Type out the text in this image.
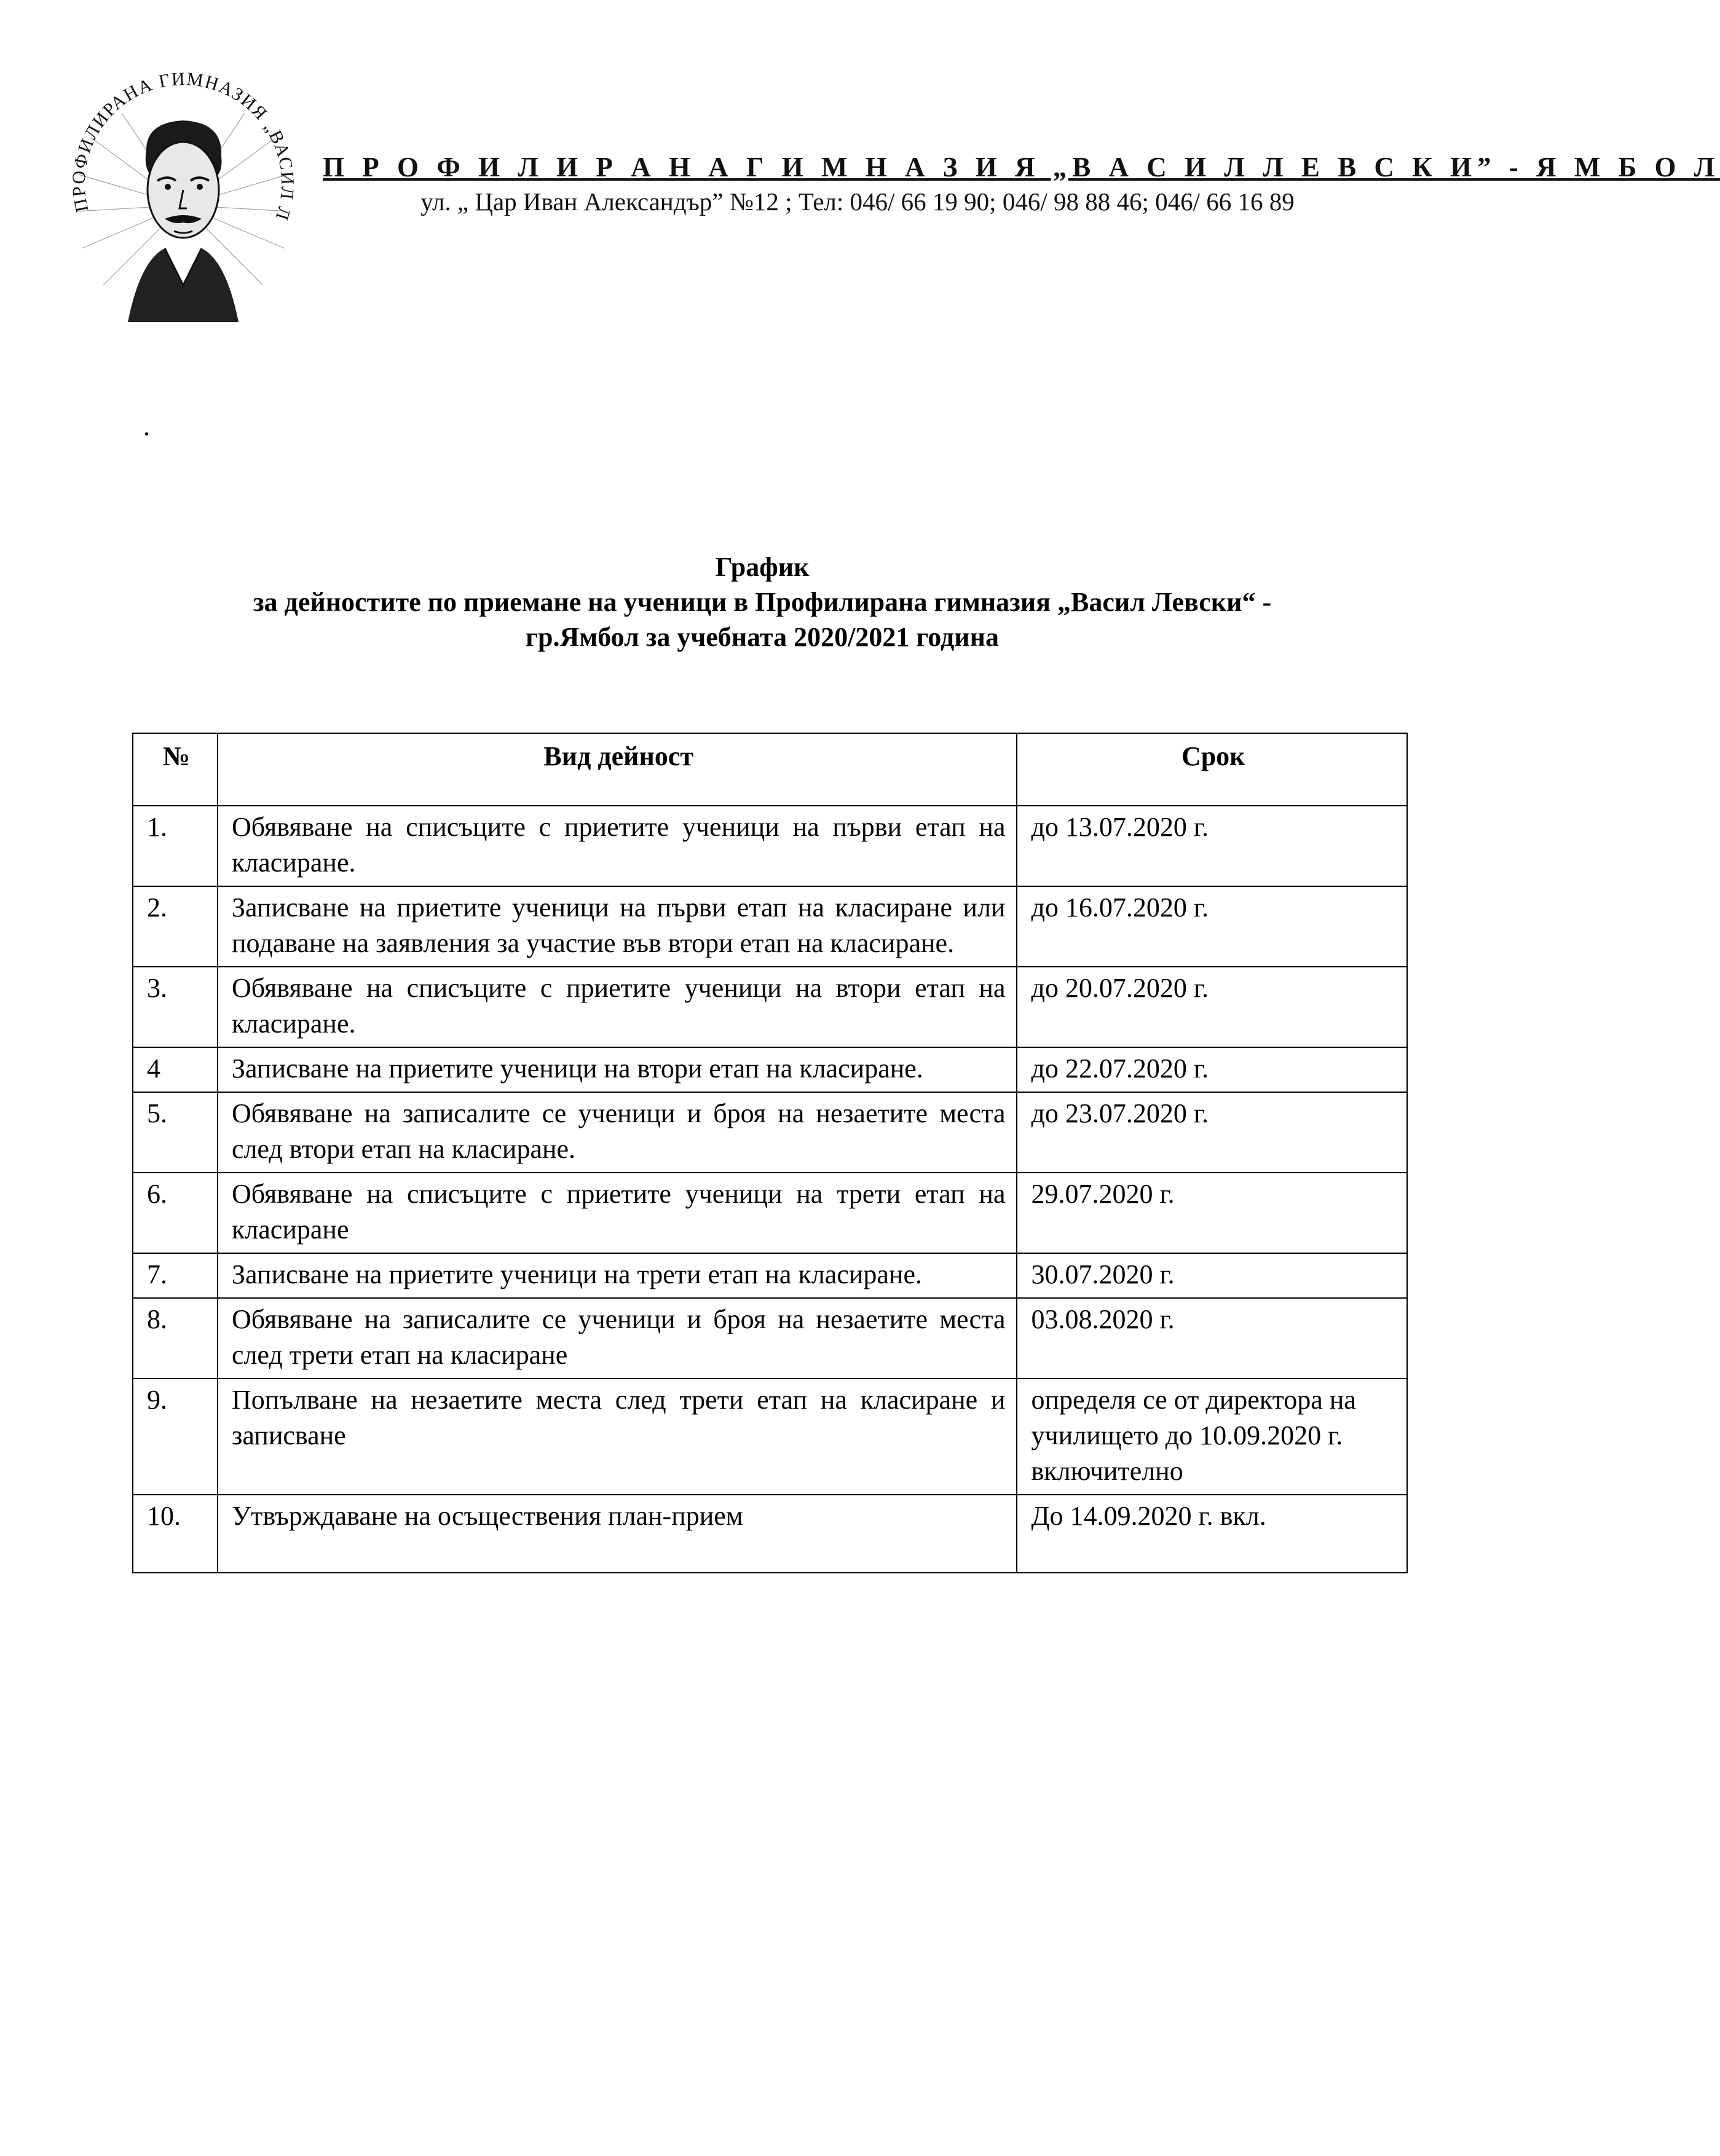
ПРОФИЛИРАНА ГИМНАЗИЯ „ВАСИЛ Л
П Р О Ф И Л И Р А Н А Г И М Н А З И Я „В А С И Л Л Е В С К И” - Я М Б О Л
ул. „ Цар Иван Александър” №12 ; Тел: 046/ 66 19 90; 046/ 98 88 46; 046/ 66 16 89
.
График
за дейностите по приемане на ученици в Профилирана гимназия „Васил Левски“ -
гр.Ямбол за учебната 2020/2021 година
№	Вид дейност	Срок
1.	Обявяване на списъците с приетите ученици на първи етап на класиране.	до 13.07.2020 г.
2.	Записване на приетите ученици на първи етап на класиране или подаване на заявления за участие във втори етап на класиране.	до 16.07.2020 г.
3.	Обявяване на списъците с приетите ученици на втори етап на класиране.	до 20.07.2020 г.
4	Записване на приетите ученици на втори етап на класиране.	до 22.07.2020 г.
5.	Обявяване на записалите се ученици и броя на незаетите места след втори етап на класиране.	до 23.07.2020 г.
6.	Обявяване на списъците с приетите ученици на трети етап на класиране	29.07.2020 г.
7.	Записване на приетите ученици на трети етап на класиране.	30.07.2020 г.
8.	Обявяване на записалите се ученици и броя на незаетите места след трети етап на класиране	03.08.2020 г.
9.	Попълване на незаетите места след трети етап на класиране и записване	определя се от директора на училището до 10.09.2020 г. включително
10.	Утвърждаване на осъществения план-прием	До 14.09.2020 г. вкл.
